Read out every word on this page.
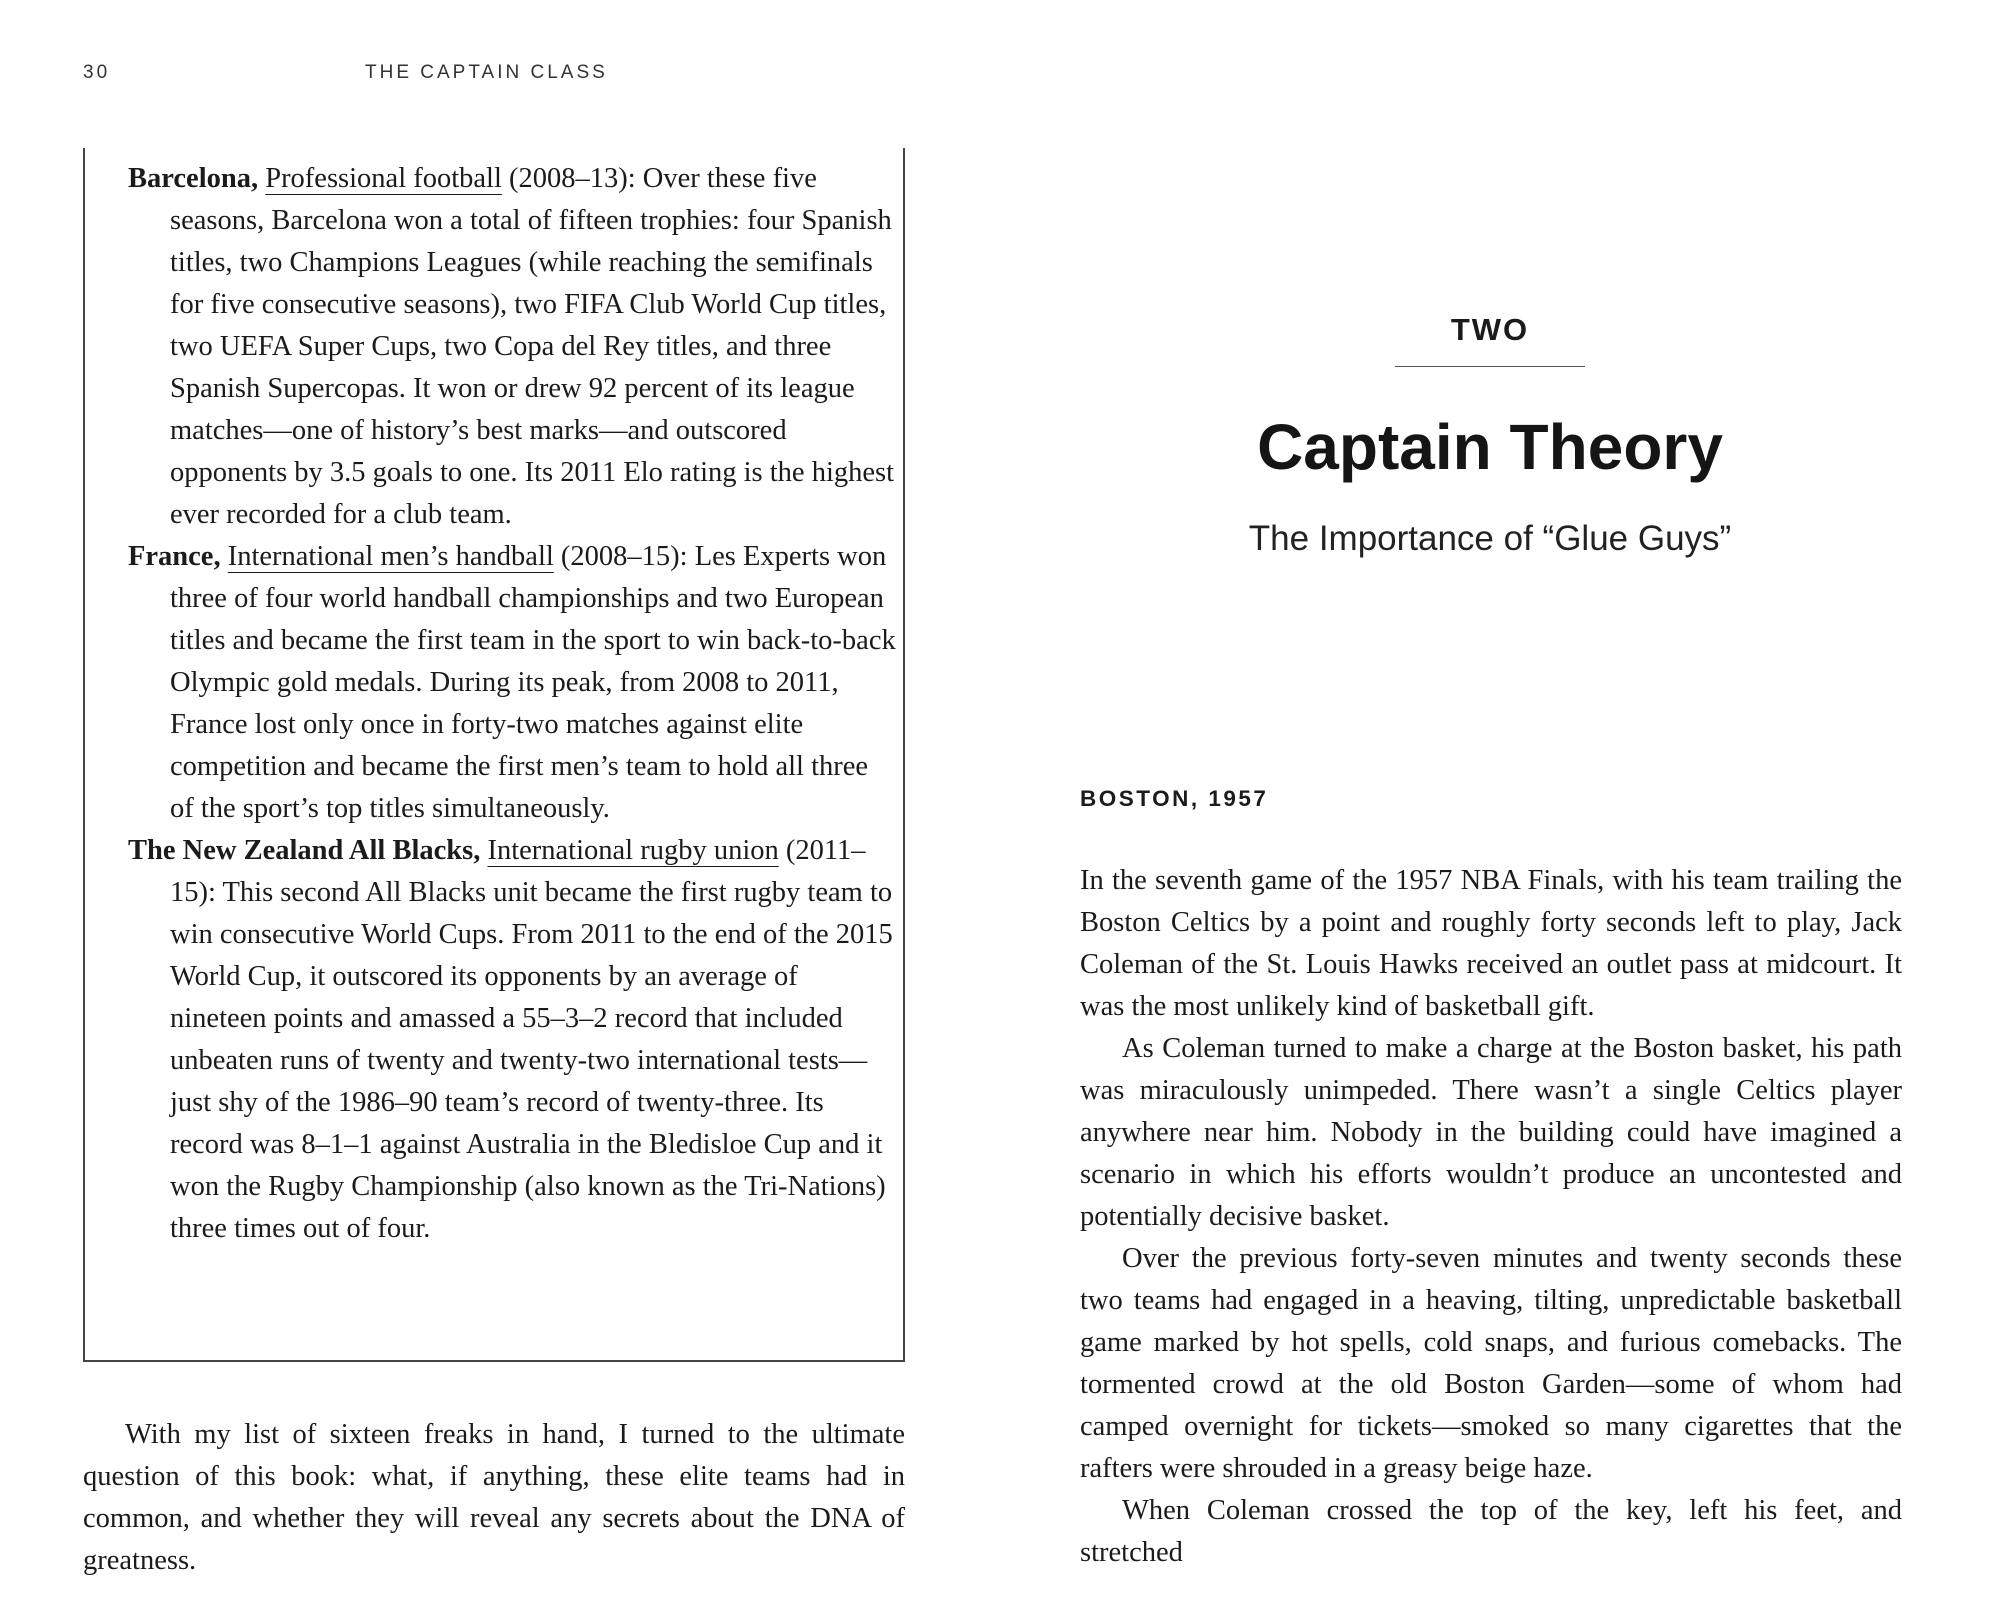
30	THE CAPTAIN CLASS

Barcelona, Professional football (2008–13): Over these five seasons, Barcelona won a total of fifteen trophies: four Spanish titles, two Champions Leagues (while reaching the semifinals for five consecutive seasons), two FIFA Club World Cup titles, two UEFA Super Cups, two Copa del Rey titles, and three Spanish Supercopas. It won or drew 92 percent of its league matches—one of history’s best marks—and outscored opponents by 3.5 goals to one. Its 2011 Elo rating is the highest ever recorded for a club team.

France, International men’s handball (2008–15): Les Experts won three of four world handball championships and two European titles and became the first team in the sport to win back-to-back Olympic gold medals. During its peak, from 2008 to 2011, France lost only once in forty-two matches against elite competition and became the first men’s team to hold all three of the sport’s top titles simultaneously.

The New Zealand All Blacks, International rugby union (2011–15): This second All Blacks unit became the first rugby team to win consecutive World Cups. From 2011 to the end of the 2015 World Cup, it outscored its opponents by an average of nineteen points and amassed a 55–3–2 record that included unbeaten runs of twenty and twenty-two international tests—just shy of the 1986–90 team’s record of twenty-three. Its record was 8–1–1 against Australia in the Bledisloe Cup and it won the Rugby Championship (also known as the Tri-Nations) three times out of four.

With my list of sixteen freaks in hand, I turned to the ultimate question of this book: what, if anything, these elite teams had in common, and whether they will reveal any secrets about the DNA of greatness.

TWO

Captain Theory

The Importance of “Glue Guys”

BOSTON, 1957

In the seventh game of the 1957 NBA Finals, with his team trailing the Boston Celtics by a point and roughly forty seconds left to play, Jack Coleman of the St. Louis Hawks received an outlet pass at midcourt. It was the most unlikely kind of basketball gift.

As Coleman turned to make a charge at the Boston basket, his path was miraculously unimpeded. There wasn’t a single Celtics player anywhere near him. Nobody in the building could have imagined a scenario in which his efforts wouldn’t produce an uncontested and potentially decisive basket.

Over the previous forty-seven minutes and twenty seconds these two teams had engaged in a heaving, tilting, unpredictable basketball game marked by hot spells, cold snaps, and furious comebacks. The tormented crowd at the old Boston Garden—some of whom had camped overnight for tickets—smoked so many cigarettes that the rafters were shrouded in a greasy beige haze.

When Coleman crossed the top of the key, left his feet, and stretched
